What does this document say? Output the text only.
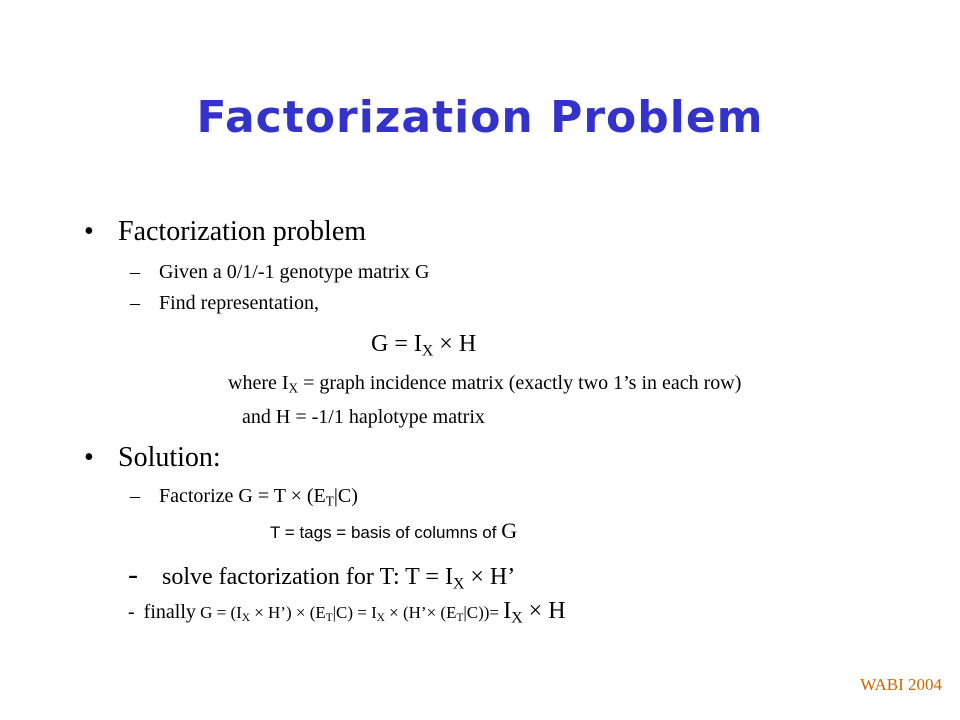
Factorization Problem
• Factorization problem
– Given a 0/1/-1 genotype matrix G
– Find representation,
$G = I_X \times H$
where $I_X$ = graph incidence matrix (exactly two 1’s in each row)
and H = -1/1 haplotype matrix
• Solution:
– Factorize $G = T \times (E_T|C)$
T = tags = basis of columns of G
- solve factorization for T: $T = I_X \times H$’
- finally $G = (I_X$ × H’) × $(E_T|C) = I_X$ × (H’× $(E_T|C))= I_X \times H$
WABI 2004
